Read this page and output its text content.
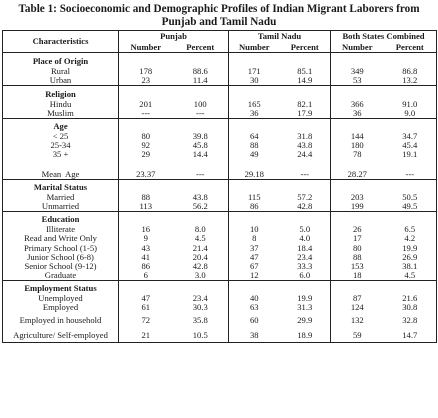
Table 1: Socioeconomic and Demographic Profiles of Indian Migrant Laborers from Punjab and Tamil Nadu
Characteristics	Punjab		Tamil Nadu		Both States Combined	
	Number	Percent	Number	Percent	Number	Percent
Place of Origin						
Rural	178	88.6	171	85.1	349	86.8
Urban	23	11.4	30	14.9	53	13.2
Religion						
Hindu	201	100	165	82.1	366	91.0
Muslim	---	---	36	17.9	36	9.0
Age						
< 25	80	39.8	64	31.8	144	34.7
25-34	92	45.8	88	43.8	180	45.4
35 +	29	14.4	49	24.4	78	19.1

Mean  Age	23.37	---	29.18	---	28.27	---
Marital Status						
Married	88	43.8	115	57.2	203	50.5
Unmarried	113	56.2	86	42.8	199	49.5
Education						
Illiterate	16	8.0	10	5.0	26	6.5
Read and Write Only	9	4.5	8	4.0	17	4.2
Primary School (1-5)	43	21.4	37	18.4	80	19.9
Junior School (6-8)	41	20.4	47	23.4	88	26.9
Senior School (9-12)	86	42.8	67	33.3	153	38.1
Graduate	6	3.0	12	6.0	18	4.5
Employment Status						
Unemployed	47	23.4	40	19.9	87	21.6
Employed	61	30.3	63	31.3	124	30.8
Employed in household	72	35.8	60	29.9	132	32.8
Agriculture/ Self-employed	21	10.5	38	18.9	59	14.7
